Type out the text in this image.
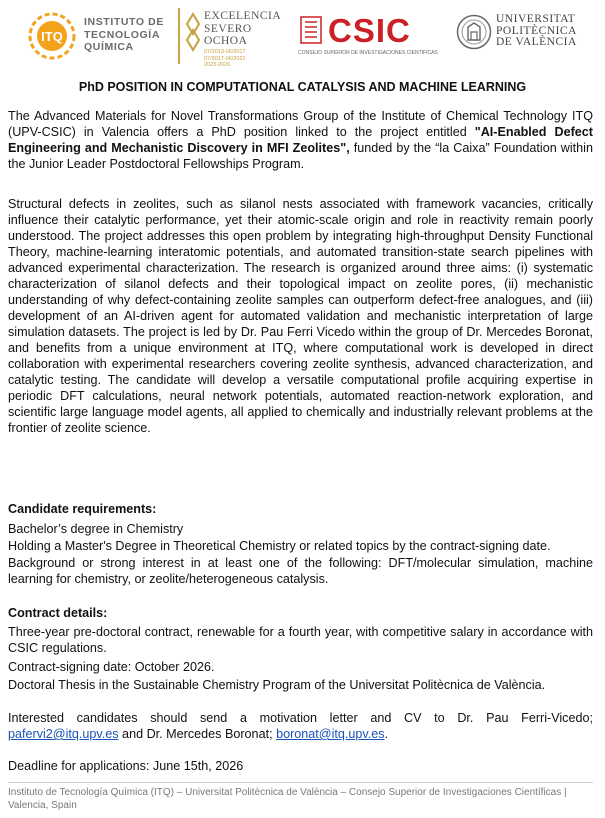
ITQ
INSTITUTO DE
TECNOLOGÍA
QUÍMICA
EXCELENCIA
SEVERO
OCHOA
07/2013-06/2017
07/2017-06/2021
2023-2026
CSIC
CONSEJO SUPERIOR DE INVESTIGACIONES CIENTÍFICAS
UNIVERSITAT
POLITÈCNICA
DE VALÈNCIA
PhD POSITION IN COMPUTATIONAL CATALYSIS AND MACHINE LEARNING

The Advanced Materials for Novel Transformations Group of the Institute of Chemical Technology ITQ (UPV-CSIC) in Valencia offers a PhD position linked to the project entitled "AI-Enabled Defect Engineering and Mechanistic Discovery in MFI Zeolites", funded by the “la Caixa” Foundation within the Junior Leader Postdoctoral Fellowships Program.

Structural defects in zeolites, such as silanol nests associated with framework vacancies, critically influence their catalytic performance, yet their atomic-scale origin and role in reactivity remain poorly understood. The project addresses this open problem by integrating high-throughput Density Functional Theory, machine-learning interatomic potentials, and automated transition-state search pipelines with advanced experimental characterization. The research is organized around three aims: (i) systematic characterization of silanol defects and their topological impact on zeolite pores, (ii) mechanistic understanding of why defect-containing zeolite samples can outperform defect-free analogues, and (iii) development of an AI-driven agent for automated validation and mechanistic interpretation of large simulation datasets. The project is led by Dr. Pau Ferri Vicedo within the group of Dr. Mercedes Boronat, and benefits from a unique environment at ITQ, where computational work is developed in direct collaboration with experimental researchers covering zeolite synthesis, advanced characterization, and catalytic testing. The candidate will develop a versatile computational profile acquiring expertise in periodic DFT calculations, neural network potentials, automated reaction-network exploration, and scientific large language model agents, all applied to chemically and industrially relevant problems at the frontier of zeolite science.

Candidate requirements:
Bachelor’s degree in Chemistry
Holding a Master's Degree in Theoretical Chemistry or related topics by the contract-signing date.
Background or strong interest in at least one of the following: DFT/molecular simulation, machine learning for chemistry, or zeolite/heterogeneous catalysis.
Contract details:
Three-year pre-doctoral contract, renewable for a fourth year, with competitive salary in accordance with CSIC regulations.
Contract-signing date: October 2026.
Doctoral Thesis in the Sustainable Chemistry Program of the Universitat Politècnica de València.

Interested candidates should send a motivation letter and CV to Dr. Pau Ferri-Vicedo; pafervi2@itq.upv.es and Dr. Mercedes Boronat; boronat@itq.upv.es.

Deadline for applications: June 15th, 2026
Instituto de Tecnología Química (ITQ) – Universitat Politècnica de València – Consejo Superior de Investigaciones Científicas | Valencia, Spain
